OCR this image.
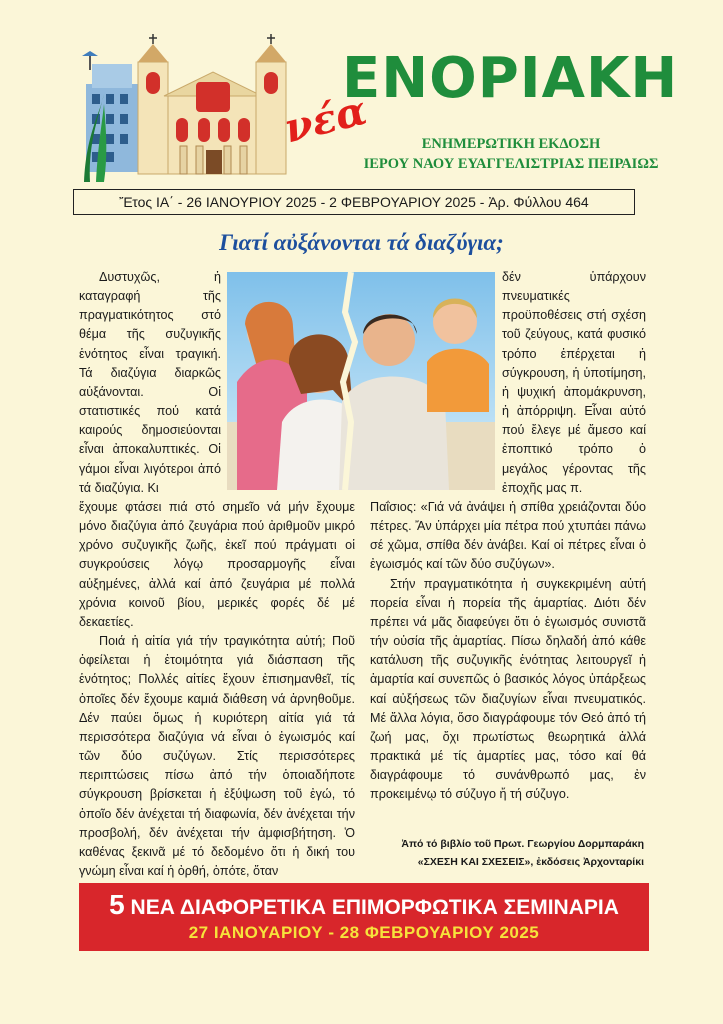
νέα
ΕΝΟΡΙΑΚΗ
ΕΝΗΜΕΡΩΤΙΚΗ ΕΚΔΟΣΗ
ΙΕΡΟΥ ΝΑΟΥ ΕΥΑΓΓΕΛΙΣΤΡΙΑΣ ΠΕΙΡΑΙΩΣ
Ἔτος ΙΑ΄ - 26 ΙΑΝΟΥΡΙΟΥ 2025 - 2 ΦΕΒΡΟΥΑΡΙΟΥ 2025 - Ἀρ. Φύλλου 464
Γιατί αὐξάνονται τά διαζύγια;

Δυστυχῶς, ἡ καταγραφή τῆς πραγματικότητος στό θέμα τῆς συζυγικῆς ἑνότητος εἶναι τραγική. Τά διαζύγια διαρκῶς αὐξάνονται. Οἱ στατιστικές πού κατά καιρούς δημοσιεύονται εἶναι ἀποκαλυπτικές. Οἱ γάμοι εἶναι λιγότεροι ἀπό τά διαζύγια. Κι

ἔχουμε φτάσει πιά στό σημεῖο νά μήν ἔχουμε μόνο διαζύγια ἀπό ζευγάρια πού ἀριθμοῦν μικρό χρόνο συζυγικῆς ζωῆς, ἐκεῖ πού πράγματι οἱ συγκρούσεις λόγῳ προσαρμογῆς εἶναι αὐξημένες, ἀλλά καί ἀπό ζευγάρια μέ πολλά χρόνια κοινοῦ βίου, μερικές φορές δέ μέ δεκαετίες.

Ποιά ἡ αἰτία γιά τήν τραγικότητα αὐτή; Ποῦ ὀφείλεται ἡ ἑτοιμότητα γιά διάσπαση τῆς ἑνότητος; Πολλές αἰτίες ἔχουν ἐπισημανθεῖ, τίς ὁποῖες δέν ἔχουμε καμιά διάθεση νά ἀρνηθοῦμε. Δέν παύει ὅμως ἡ κυριότερη αἰτία γιά τά περισσότερα διαζύγια νά εἶναι ὁ ἐγωισμός καί τῶν δύο συζύγων. Στίς περισσότερες περιπτώσεις πίσω ἀπό τήν ὁποιαδήποτε σύγκρουση βρίσκεται ἡ ἐξύψωση τοῦ ἐγώ, τό ὁποῖο δέν ἀνέχεται τή διαφωνία, δέν ἀνέχεται τήν προσβολή, δέν ἀνέχεται τήν ἀμφισβήτηση. Ὁ καθένας ξεκινᾶ μέ τό δεδομένο ὅτι ἡ δική του γνώμη εἶναι καί ἡ ὀρθή, ὁπότε, ὅταν

δέν ὑπάρχουν πνευματικές προϋποθέσεις στή σχέση τοῦ ζεύγους, κατά φυσικό τρόπο ἐπέρχεται ἡ σύγκρουση, ἡ ὑποτίμηση, ἡ ψυχική ἀπομάκρυνση, ἡ ἀπόρριψη. Εἶναι αὐτό πού ἔλεγε μέ ἄμεσο καί ἐποπτικό τρόπο ὁ μεγάλος γέροντας τῆς ἐποχῆς μας π.

Παΐσιος: «Γιά νά ἀνάψει ἡ σπίθα χρειάζονται δύο πέτρες. Ἄν ὑπάρχει μία πέτρα πού χτυπάει πάνω σέ χῶμα, σπίθα δέν ἀνάβει. Καί οἱ πέτρες εἶναι ὁ ἐγωισμός καί τῶν δύο συζύγων».

Στήν πραγματικότητα ἡ συγκεκριμένη αὐτή πορεία εἶναι ἡ πορεία τῆς ἁμαρτίας. Διότι δέν πρέπει νά μᾶς διαφεύγει ὅτι ὁ ἐγωισμός συνιστᾶ τήν οὐσία τῆς ἁμαρτίας. Πίσω δηλαδή ἀπό κάθε κατάλυση τῆς συζυγικῆς ἑνότητας λειτουργεῖ ἡ ἁμαρτία καί συνεπῶς ὁ βασικός λόγος ὑπάρξεως καί αὐξήσεως τῶν διαζυγίων εἶναι πνευματικός. Μέ ἄλλα λόγια, ὅσο διαγράφουμε τόν Θεό ἀπό τή ζωή μας, ὄχι πρωτίστως θεωρητικά ἀλλά πρακτικά μέ τίς ἁμαρτίες μας, τόσο καί θά διαγράφουμε τό συνάνθρωπό μας, ἐν προκειμένῳ τό σύζυγο ἤ τή σύζυγο.

Ἀπό τό βιβλίο τοῦ Πρωτ. Γεωργίου Δορμπαράκη
«ΣΧΕΣΗ ΚΑΙ ΣΧΕΣΕΙΣ», ἐκδόσεις Ἀρχονταρίκι
5 ΝΕΑ ΔΙΑΦΟΡΕΤΙΚΑ ΕΠΙΜΟΡΦΩΤΙΚΑ ΣΕΜΙΝΑΡΙΑ
27 ΙΑΝΟΥΑΡΙΟΥ - 28 ΦΕΒΡΟΥΑΡΙΟΥ 2025
